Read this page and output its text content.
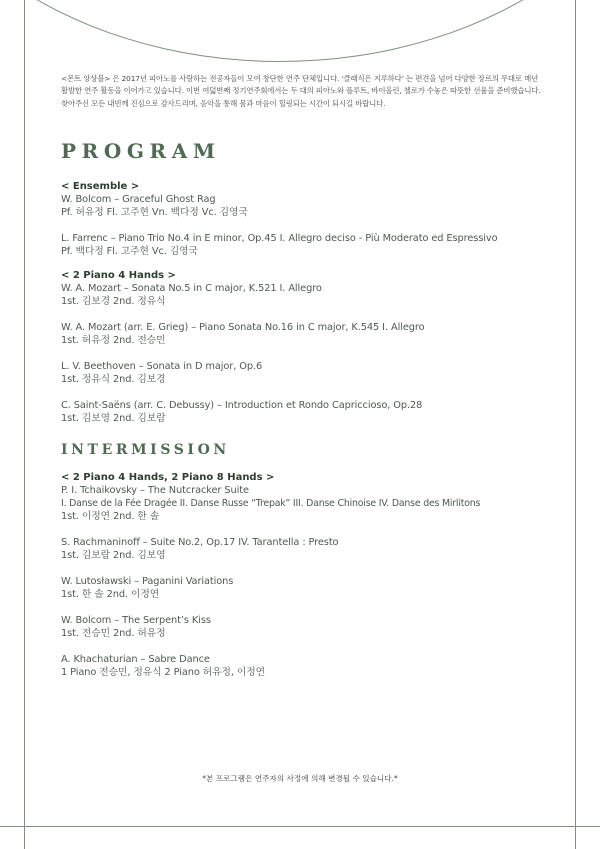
<몬트 앙상블> 은 2017년 피아노를 사랑하는 전공자들이 모여 창단한 연주 단체입니다. ‘클래식은 지루하다’ 는 편견을 넘어 다양한 장르의 무대로 매년 활발한 연주 활동을 이어가고 있습니다. 이번 여덟번째 정기연주회에서는 두 대의 피아노와 플루트, 바이올린, 첼로가 수놓은 따뜻한 선율을 준비했습니다. 찾아주신 모든 내빈께 진심으로 감사드리며, 음악을 통해 몸과 마음이 힐링되는 시간이 되시길 바랍니다.

PROGRAM
< Ensemble >
W. Bolcom – Graceful Ghost Rag
Pf. 허유정 Fl. 고주현 Vn. 백다정 Vc. 김영국
L. Farrenc – Piano Trio No.4 in E minor, Op.45 I. Allegro deciso - Più Moderato ed Espressivo
Pf. 백다정 Fl. 고주현 Vc. 김영국
< 2 Piano 4 Hands >
W. A. Mozart – Sonata No.5 in C major, K.521 I. Allegro
1st. 김보경 2nd. 정유식
W. A. Mozart (arr. E. Grieg) – Piano Sonata No.16 in C major, K.545 I. Allegro
1st. 허유정 2nd. 전승민
L. V. Beethoven – Sonata in D major, Op.6
1st. 정유식 2nd. 김보경
C. Saint-Saëns (arr. C. Debussy) – Introduction et Rondo Capriccioso, Op.28
1st. 김보영 2nd. 김보람
INTERMISSION
< 2 Piano 4 Hands, 2 Piano 8 Hands >
P. I. Tchaikovsky – The Nutcracker Suite
I. Danse de la Fée Dragée II. Danse Russe “Trepak” III. Danse Chinoise IV. Danse des Mirlitons
1st. 이정연 2nd. 한 솔
S. Rachmaninoff – Suite No.2, Op.17 IV. Tarantella : Presto
1st. 김보람 2nd. 김보영
W. Lutosławski – Paganini Variations
1st. 한 솔 2nd. 이정연
W. Bolcom – The Serpent’s Kiss
1st. 전승민 2nd. 허유정
A. Khachaturian – Sabre Dance
1 Piano 전승민, 정유식 2 Piano 허유정, 이정연
*본 프로그램은 연주자의 사정에 의해 변경될 수 있습니다.*
